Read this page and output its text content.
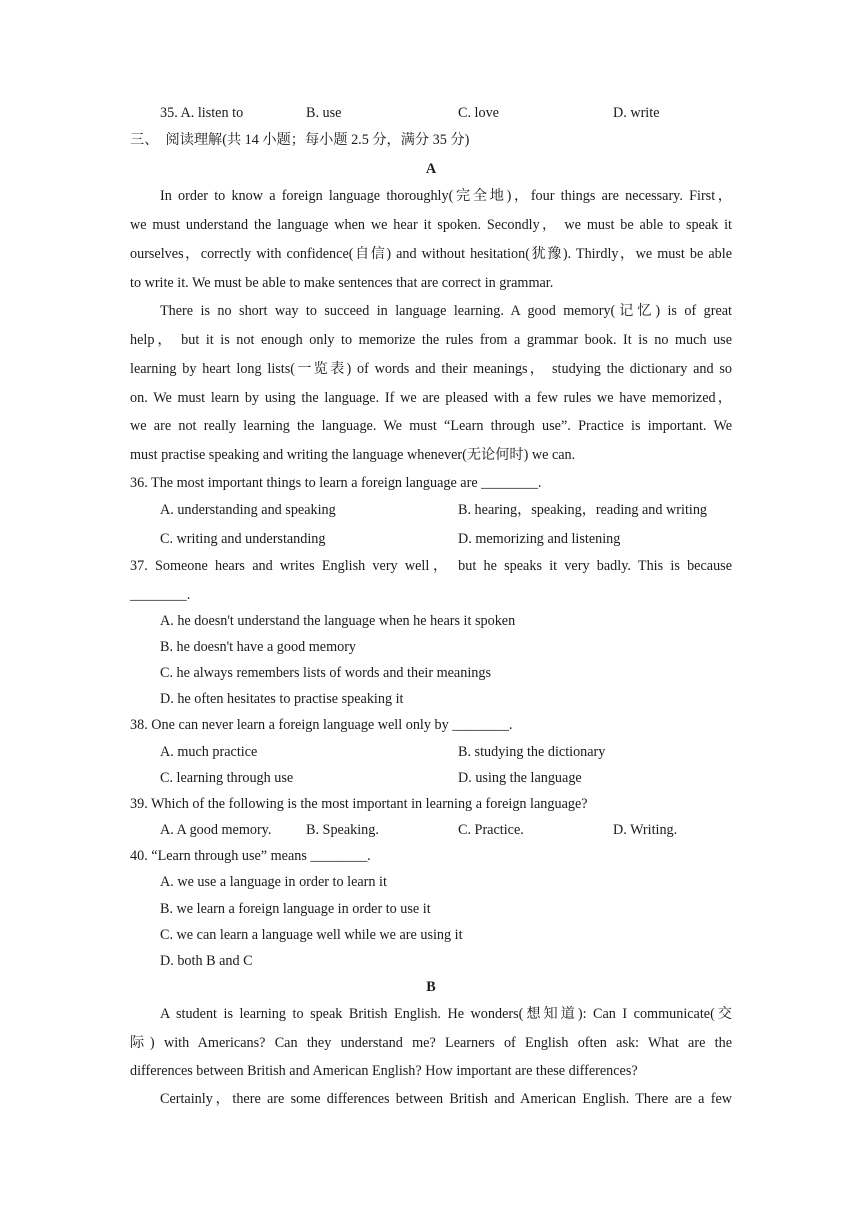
35. A. listen to	B. use	C. love	D. write
三、　阅读理解(共 14 小题；每小题 2.5 分，满分 35 分)
A
In order to know a foreign language thoroughly(完全地)，four things are necessary. First，
we must understand the language when we hear it spoken. Secondly， we must be able to speak it
ourselves，correctly with confidence(自信) and without hesitation(犹豫). Thirdly，we must be able
to write it. We must be able to make sentences that are correct in grammar.
There is no short way to succeed in language learning. A good memory(记忆) is of great
help， but it is not enough only to memorize the rules from a grammar book. It is no much use
learning by heart long lists(一览表) of words and their meanings， studying the dictionary and so
on. We must learn by using the language. If we are pleased with a few rules we have memorized，
we are not really learning the language. We must “Learn through use”. Practice is important. We
must practise speaking and writing the language whenever(无论何时) we can.
36. The most important things to learn a foreign language are ________.
A. understanding and speaking	B. hearing，speaking，reading and writing
C. writing and understanding	D. memorizing and listening
37. Someone hears and writes English very well， but he speaks it very badly. This is because
________.
A. he doesn't understand the language when he hears it spoken
B. he doesn't have a good memory
C. he always remembers lists of words and their meanings
D. he often hesitates to practise speaking it
38. One can never learn a foreign language well only by ________.
A. much practice	B. studying the dictionary
C. learning through use	D. using the language
39. Which of the following is the most important in learning a foreign language?
A. A good memory. B. Speaking.	C. Practice.	D. Writing.
40. “Learn through use” means ________.
A. we use a language in order to learn it
B. we learn a foreign language in order to use it
C. we can learn a language well while we are using it
D. both B and C
B
A student is learning to speak British English. He wonders(想知道): Can I communicate(交
际) with Americans? Can they understand me? Learners of English often ask: What are the
differences between British and American English? How important are these differences?
Certainly，there are some differences between British and American English. There are a few
